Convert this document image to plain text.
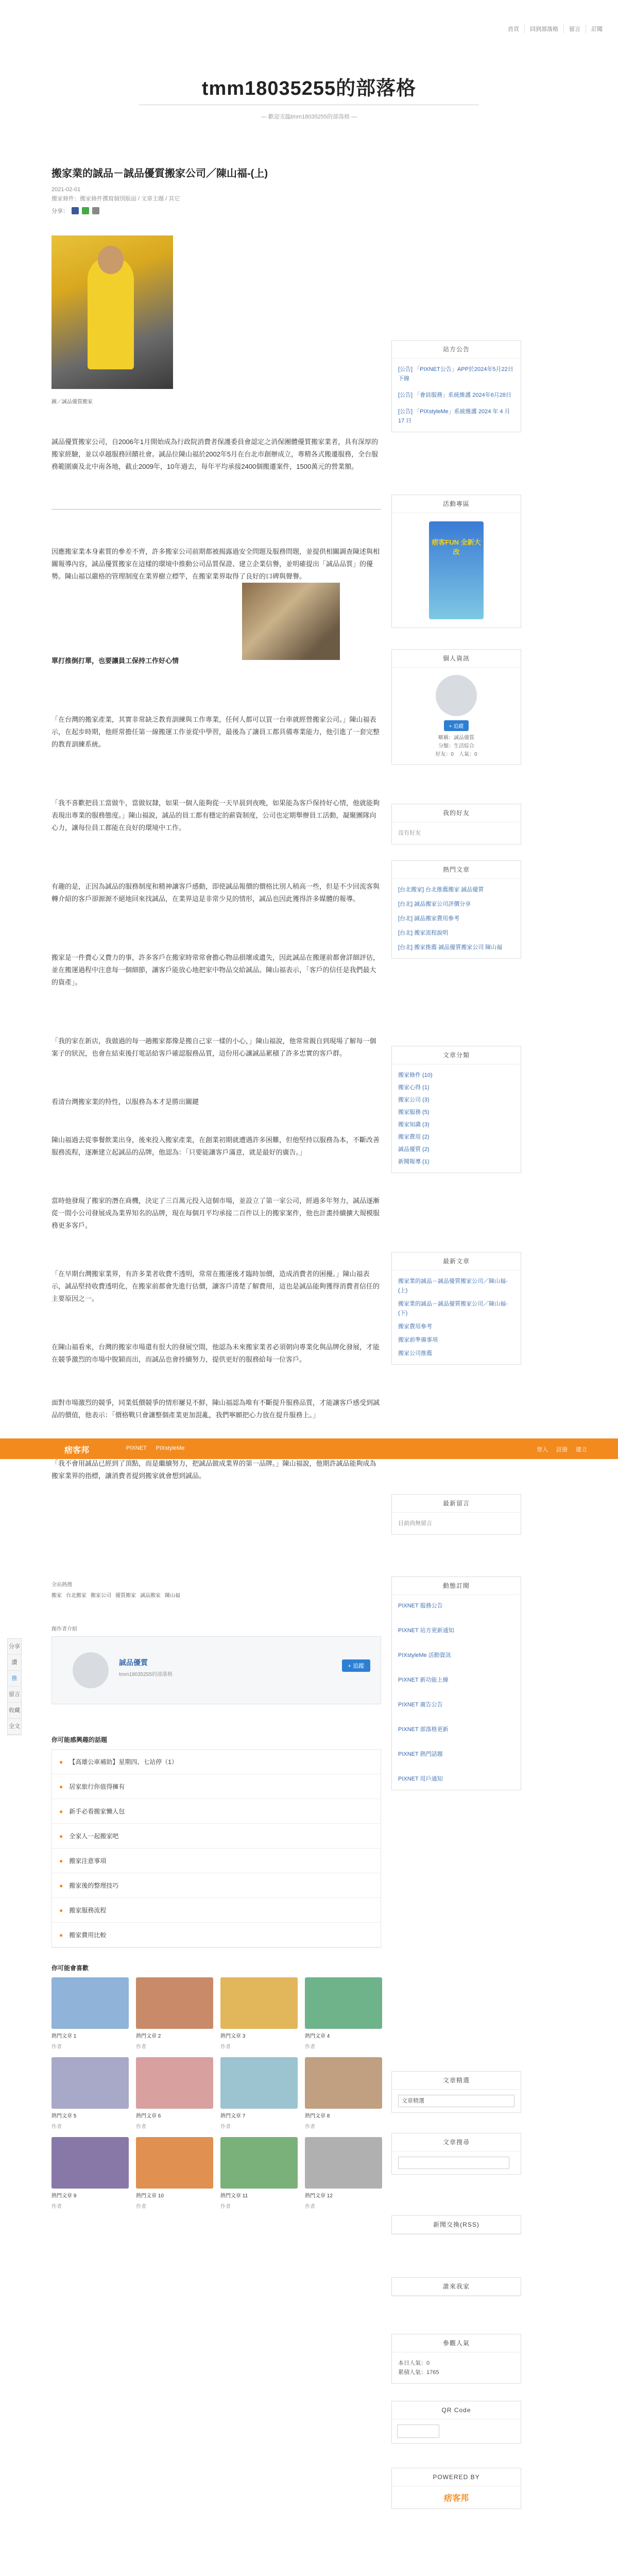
首頁	回到部落格	留言	訂閱
tmm18035255的部落格
— 歡迎光臨tmm18035255的部落格 —
搬家業的誠品－誠品優質搬家公司／陳山福-(上)
2021-02-01
搬家條件：搬家條件撰寫個別版面 / 文章主題 / 其它
分享：
圖／誠品優質搬家

誠品優質搬家公司，自2006年1月開始成為行政院消費者保護委員會認定之消保團體優質搬家業者，具有深厚的搬家經驗，並以卓越服務回饋社會。誠品位陳山福於2002年5月在台北市創辦成立，專精各式搬遷服務，全台服務範圍廣及北中南各地，截止2009年，10年過去，每年平均承接2400個搬遷案件，1500萬元的營業額。

因應搬家業本身素質的參差不齊，許多搬家公司前期都被揭露過安全問題及服務問題，並提供相關調查陳述與相關報導內容，誠品優質搬家在這樣的環境中推動公司品質保證、建立企業信譽，並明確提出「誠品品質」的優勢。陳山福以嚴格的管理制度在業界樹立標竿，在搬家業界取得了良好的口碑與聲譽。

單打推倒打單，也要讓員工保持工作好心情

「在台灣的搬家產業，其實非常缺乏教育訓練與工作專業，任何人都可以買一台車就經營搬家公司。」陳山福表示，在起步時期，他經常擔任第一線搬運工作並從中學習，最後為了讓員工都具備專業能力，他引進了一套完整的教育訓練系統。

「我不喜歡把員工當做牛，當做奴隸，如果一個人能夠從一天早晨到夜晚，如果能為客戶保持好心情，他就能夠表現出專業的服務態度。」陳山福說，誠品的員工都有穩定的薪資制度，公司也定期舉辦員工活動，凝聚團隊向心力，讓每位員工都能在良好的環境中工作。

有趣的是，正因為誠品的服務制度和精神讓客戶感動，即使誠品報價的價格比別人稍高一些，但是不少回流客與轉介紹的客戶卻源源不絕地回來找誠品，在業界這是非常少見的情形，誠品也因此獲得許多媒體的報導。

搬家是一件費心又費力的事，許多客戶在搬家時常常會擔心物品損壞或遺失，因此誠品在搬運前都會詳細評估，並在搬運過程中注意每一個細節，讓客戶能放心地把家中物品交給誠品。陳山福表示，「客戶的信任是我們最大的資產」。

「我的家在新店，我做過的每一趟搬家都像是搬自己家一樣的小心，」陳山福說，他常常親自到現場了解每一個案子的狀況，也會在結束後打電話給客戶確認服務品質，這份用心讓誠品累積了許多忠實的客戶群。

看清台灣搬家業的特性，以服務為本才是勝出關鍵

陳山福過去從事餐飲業出身，後來投入搬家產業，在創業初期就遭遇許多困難，但他堅持以服務為本，不斷改善服務流程，逐漸建立起誠品的品牌，他認為：「只要能讓客戶滿意，就是最好的廣告。」

當時他發現了搬家的潛在商機，決定了三百萬元投入這個市場，並設立了第一家公司，經過多年努力，誠品逐漸從一間小公司發展成為業界知名的品牌，現在每個月平均承接二百件以上的搬家案件，他也計畫持續擴大規模服務更多客戶。

「在早期台灣搬家業界，有許多業者收費不透明，常常在搬運後才臨時加價，造成消費者的困擾。」陳山福表示，誠品堅持收費透明化，在搬家前都會先進行估價，讓客戶清楚了解費用，這也是誠品能夠獲得消費者信任的主要原因之一。

在陳山福看來，台灣的搬家市場還有很大的發展空間，他認為未來搬家業者必須朝向專業化與品牌化發展，才能在競爭激烈的市場中脫穎而出，而誠品也會持續努力，提供更好的服務給每一位客戶。

面對市場激烈的競爭，同業低價競爭的情形屢見不鮮，陳山福認為唯有不斷提升服務品質，才能讓客戶感受到誠品的價值，他表示：「價格戰只會讓整個產業更加混亂，我們寧願把心力放在提升服務上。」

「我不會用誠品已經到了頂點，而是繼續努力，把誠品做成業界的第一品牌。」陳山福說，他期許誠品能夠成為搬家業界的指標，讓消費者提到搬家就會想到誠品。

全站熱搜
搬家 台北搬家 搬家公司 優質搬家 誠品搬家 陳山福
創作者介紹
誠品優質
tmm18035255的部落格
+ 追蹤
你可能感興趣的話題
● 【高雄公車補助】星期四、七站停（1）
● 居家旅行你值得擁有
● 新手必看搬家懶人包
● 全家人一起搬家吧
● 搬家注意事項
● 搬家後的整理技巧
● 搬家服務流程
● 搬家費用比較
你可能會喜歡
熱門文章 1
作者
熱門文章 2
作者
熱門文章 3
作者
熱門文章 4
作者
熱門文章 5
作者
熱門文章 6
作者
熱門文章 7
作者
熱門文章 8
作者
熱門文章 9
作者
熱門文章 10
作者
熱門文章 11
作者
熱門文章 12
作者
痞客邦	PIXNET PIXstyleMe	登入 註冊 建立
分享
讚
推
留言
收藏
全文
站方公告
[公告] 「PIXNET公告」APP於2024年5月22日下線
[公告] 「會員服務」系統維護 2024年6月28日
[公告] 「PIXstyleMe」系統維護 2024 年 4 月 17 日
活動專區
痞客FUN 全新大改
個人資訊
+ 追蹤
暱稱：誠品優質
分類：生活綜合
好友：0　人氣：0
我的好友
沒有好友
熱門文章
[台北搬家] 台北推薦搬家 誠品優質
[台北] 誠品搬家公司評價分享
[台北] 誠品搬家費用參考
[台北] 搬家流程說明
[台北] 搬家推薦 誠品優質搬家公司 陳山福
文章分類
搬家條件 (10)
搬家心得 (1)
搬家公司 (3)
搬家服務 (5)
搬家知識 (3)
搬家費用 (2)
誠品優質 (2)
新聞報導 (1)
最新文章
搬家業的誠品－誠品優質搬家公司／陳山福-(上)
搬家業的誠品－誠品優質搬家公司／陳山福-(下)
搬家費用參考
搬家前準備事項
搬家公司推薦
最新留言
目前尚無留言
動態訂閱
PIXNET 服務公告
PIXNET 站方更新通知
PIXstyleMe 活動資訊
PIXNET 新功能上線
PIXNET 廣告公告
PIXNET 部落格更新
PIXNET 熱門話題
PIXNET 用戶通知
文章精選
文章精選
文章搜尋
新聞交換(RSS)
誰來我家
參觀人氣
本日人氣：0
累積人氣：1765
QR Code
POWERED BY
痞客邦
